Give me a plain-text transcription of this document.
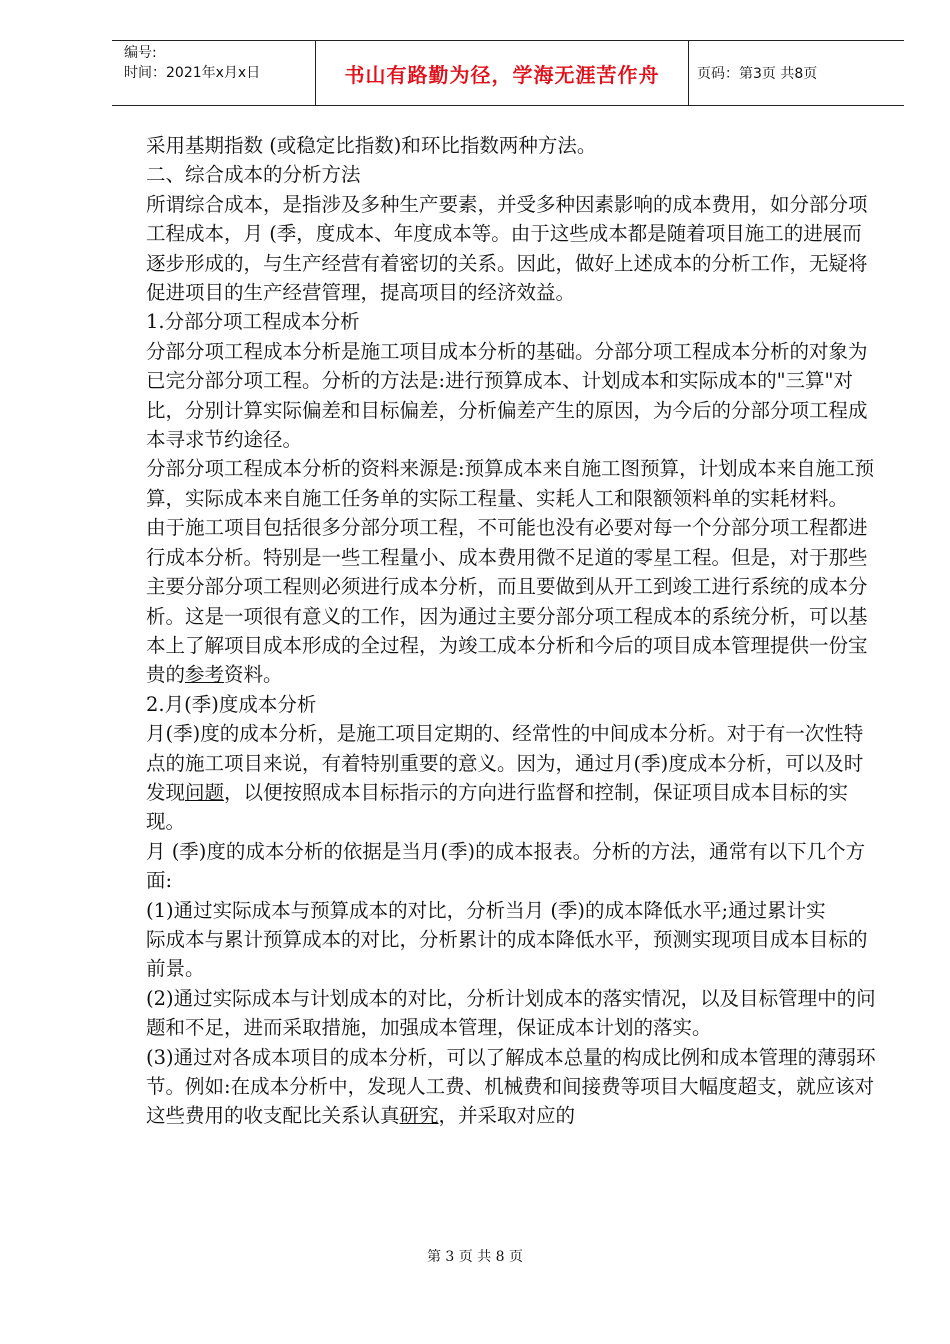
编号:
时间：2021年x月x日	书山有路勤为径，学海无涯苦作舟	页码：第3页 共8页

采用基期指数 (或稳定比指数)和环比指数两种方法。

二、综合成本的分析方法

所谓综合成本，是指涉及多种生产要素，并受多种因素影响的成本费用，如分部分项工程成本，月 (季，度成本、年度成本等。由于这些成本都是随着项目施工的进展而逐步形成的，与生产经营有着密切的关系。因此，做好上述成本的分析工作，无疑将促进项目的生产经营管理，提高项目的经济效益。

1.分部分项工程成本分析

分部分项工程成本分析是施工项目成本分析的基础。分部分项工程成本分析的对象为已完分部分项工程。分析的方法是:进行预算成本、计划成本和实际成本的"三算"对比，分别计算实际偏差和目标偏差，分析偏差产生的原因，为今后的分部分项工程成本寻求节约途径。

分部分项工程成本分析的资料来源是:预算成本来自施工图预算，计划成本来自施工预算，实际成本来自施工任务单的实际工程量、实耗人工和限额领料单的实耗材料。

由于施工项目包括很多分部分项工程，不可能也没有必要对每一个分部分项工程都进行成本分析。特别是一些工程量小、成本费用微不足道的零星工程。但是，对于那些主要分部分项工程则必须进行成本分析，而且要做到从开工到竣工进行系统的成本分析。这是一项很有意义的工作，因为通过主要分部分项工程成本的系统分析，可以基本上了解项目成本形成的全过程，为竣工成本分析和今后的项目成本管理提供一份宝贵的参考资料。

2.月(季)度成本分析

月(季)度的成本分析，是施工项目定期的、经常性的中间成本分析。对于有一次性特点的施工项目来说，有着特别重要的意义。因为，通过月(季)度成本分析，可以及时发现问题，以便按照成本目标指示的方向进行监督和控制，保证项目成本目标的实现。

月 (季)度的成本分析的依据是当月(季)的成本报表。分析的方法，通常有以下几个方面:

(1)通过实际成本与预算成本的对比，分析当月 (季)的成本降低水平;通过累计实

际成本与累计预算成本的对比，分析累计的成本降低水平，预测实现项目成本目标的前景。

(2)通过实际成本与计划成本的对比，分析计划成本的落实情况，以及目标管理中的问题和不足，进而采取措施，加强成本管理，保证成本计划的落实。

(3)通过对各成本项目的成本分析，可以了解成本总量的构成比例和成本管理的薄弱环节。例如:在成本分析中，发现人工费、机械费和间接费等项目大幅度超支，就应该对这些费用的收支配比关系认真研究，并采取对应的

第 3 页 共 8 页
